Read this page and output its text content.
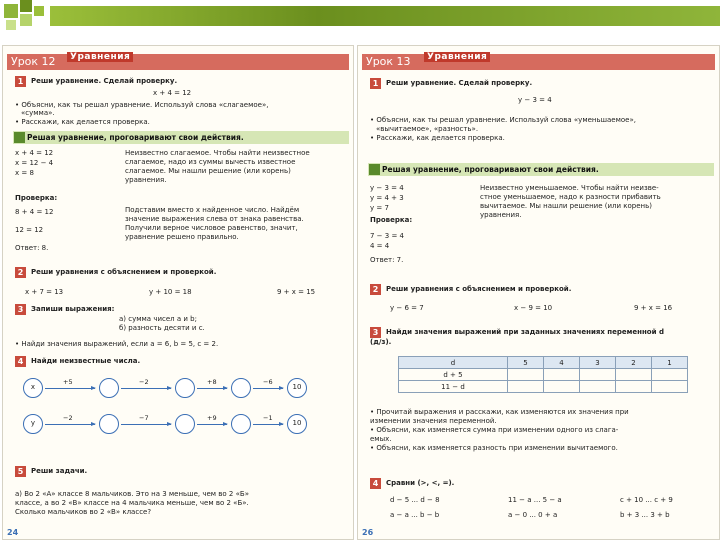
Урок 12	Уравнения
1	Реши уравнение. Сделай проверку.
x + 4 = 12
• Объясни, как ты решал уравнение. Используй слова «слагаемое»,
«сумма».
• Расскажи, как делается проверка.
Решая уравнение, проговаривают свои действия.
x + 4 = 12
x = 12 − 4
x = 8
Неизвестно слагаемое. Чтобы найти неизвестное
слагаемое, надо из суммы вычесть известное
слагаемое. Мы нашли решение (или корень)
уравнения.
Проверка:
8 + 4 = 12
12 = 12
Подставим вместо x найденное число. Найдём
значение выражения слева от знака равенства.
Получили верное числовое равенство, значит,
уравнение решено правильно.
Ответ: 8.
2	Реши уравнения с объяснением и проверкой.
x + 7 = 13	y + 10 = 18	9 + x = 15
3	Запиши выражения:
а) сумма чисел a и b;
б) разность десяти и c.
• Найди значения выражений, если a = 6, b = 5, c = 2.
4	Найди неизвестные числа.
x
+5	−2	+8	−6
10
y
−2	−7	+9	−1
10
5	Реши задачи.
а) Во 2 «А» классе 8 мальчиков. Это на 3 меньше, чем во 2 «Б»
классе, а во 2 «В» классе на 4 мальчика меньше, чем во 2 «Б».
Сколько мальчиков во 2 «В» классе?
24
Урок 13	Уравнения
1	Реши уравнение. Сделай проверку.
y − 3 = 4
• Объясни, как ты решал уравнение. Используй слова «уменьшаемое»,
«вычитаемое», «разность».
• Расскажи, как делается проверка.
Решая уравнение, проговаривают свои действия.
y − 3 = 4
y = 4 + 3
y = 7
Неизвестно уменьшаемое. Чтобы найти неизве-
стное уменьшаемое, надо к разности прибавить
вычитаемое. Мы нашли решение (или корень)
уравнения.
Проверка:
7 − 3 = 4
4 = 4
Ответ: 7.
2	Реши уравнения с объяснением и проверкой.
y − 6 = 7	x − 9 = 10	9 + x = 16
3	Найди значения выражений при заданных значениях переменной d
(д/з).
d	5	4	3	2	1
d + 5					
11 − d					
• Прочитай выражения и расскажи, как изменяются их значения при
изменении значения переменной.
• Объясни, как изменяется сумма при изменении одного из слага-
емых.
• Объясни, как изменяется разность при изменении вычитаемого.
4	Сравни (>, <, =).
d − 5 ... d − 8	11 − a ... 5 − a	c + 10 ... c + 9
a − a ... b − b	a − 0 ... 0 + a	b + 3 ... 3 + b
26
